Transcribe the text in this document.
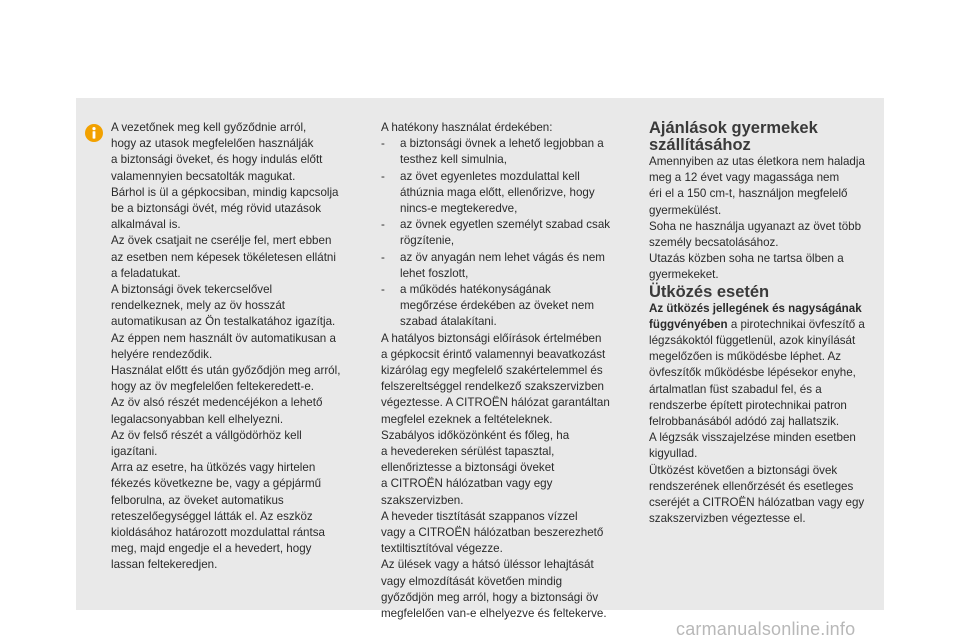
A vezetőnek meg kell győződnie arról,

hogy az utasok megfelelően használják

a biztonsági öveket, és hogy indulás előtt

valamennyien becsatolták magukat.

Bárhol is ül a gépkocsiban, mindig kapcsolja

be a biztonsági övét, még rövid utazások

alkalmával is.

Az övek csatjait ne cserélje fel, mert ebben

az esetben nem képesek tökéletesen ellátni

a feladatukat.

A biztonsági övek tekercselővel

rendelkeznek, mely az öv hosszát

automatikusan az Ön testalkatához igazítja.

Az éppen nem használt öv automatikusan a

helyére rendeződik.

Használat előtt és után győződjön meg arról,

hogy az öv megfelelően feltekeredett-e.

Az öv alsó részét medencéjékon a lehető

legalacsonyabban kell elhelyezni.

Az öv felső részét a vállgödörhöz kell

igazítani.

Arra az esetre, ha ütközés vagy hirtelen

fékezés következne be, vagy a gépjármű

felborulna, az öveket automatikus

reteszelőegységgel látták el. Az eszköz

kioldásához határozott mozdulattal rántsa

meg, majd engedje el a hevedert, hogy

lassan feltekeredjen.

A hatékony használat érdekében:

-	a biztonsági övnek a lehető legjobban a
testhez kell simulnia,
-	az övet egyenletes mozdulattal kell
áthúznia maga előtt, ellenőrizve, hogy
nincs-e megtekeredve,
-	az övnek egyetlen személyt szabad csak
rögzítenie,
-	az öv anyagán nem lehet vágás és nem
lehet foszlott,
-	a működés hatékonyságának
megőrzése érdekében az öveket nem
szabad átalakítani.

A hatályos biztonsági előírások értelmében

a gépkocsit érintő valamennyi beavatkozást

kizárólag egy megfelelő szakértelemmel és

felszereltséggel rendelkező szakszervizben

végeztesse. A CITROËN hálózat garantáltan

megfelel ezeknek a feltételeknek.

Szabályos időközönként és főleg, ha

a hevedereken sérülést tapasztal,

ellenőriztesse a biztonsági öveket

a CITROËN hálózatban vagy egy

szakszervizben.

A heveder tisztítását szappanos vízzel

vagy a CITROËN hálózatban beszerezhető

textiltisztítóval végezze.

Az ülések vagy a hátsó üléssor lehajtását

vagy elmozdítását követően mindig

győződjön meg arról, hogy a biztonsági öv

megfelelően van-e elhelyezve és feltekerve.

Ajánlások gyermekek
szállításához

Amennyiben az utas életkora nem haladja

meg a 12 évet vagy magassága nem

éri el a 150 cm-t, használjon megfelelő

gyermekülést.

Soha ne használja ugyanazt az övet több

személy becsatolásához.

Utazás közben soha ne tartsa ölben a

gyermekeket.

Ütközés esetén

Az ütközés jellegének és nagyságának
függvényében a pirotechnikai övfeszítő a

légzsákoktól függetlenül, azok kinyílását

megelőzően is működésbe léphet. Az

övfeszítők működésbe lépésekor enyhe,

ártalmatlan füst szabadul fel, és a

rendszerbe épített pirotechnikai patron

felrobbanásából adódó zaj hallatszik.

A légzsák visszajelzése minden esetben

kigyullad.

Ütközést követően a biztonsági övek

rendszerének ellenőrzését és esetleges

cseréjét a CITROËN hálózatban vagy egy

szakszervizben végeztesse el.

carmanualsonline.info
